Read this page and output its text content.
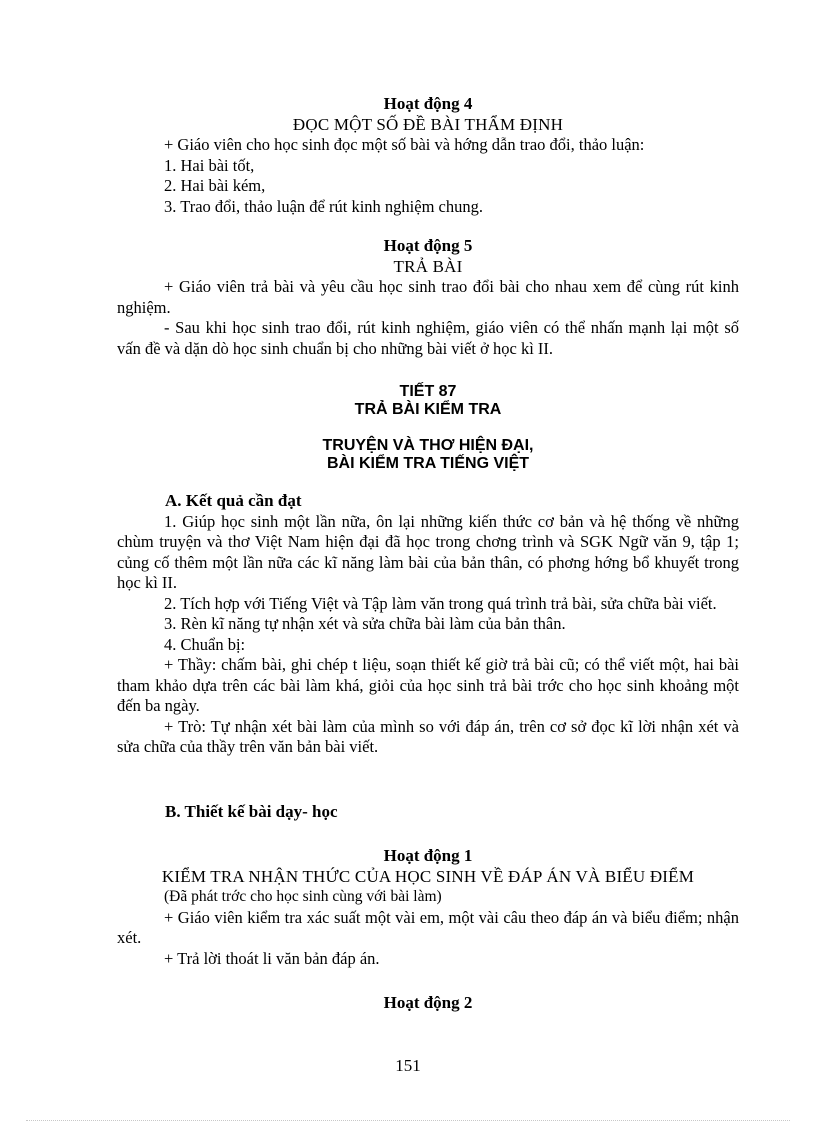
Hoạt động 4
ĐỌC MỘT SỐ ĐỀ BÀI THẨM ĐỊNH
+ Giáo viên cho học sinh đọc một số bài và hớng dẫn trao đổi, thảo luận:
1. Hai bài tốt,
2. Hai bài kém,
3. Trao đổi, thảo luận để rút kinh nghiệm chung.
Hoạt động 5
TRẢ BÀI
+ Giáo viên trả bài và yêu cầu học sinh trao đổi bài cho nhau xem để cùng rút kinh nghiệm.
- Sau khi học sinh trao đổi, rút kinh nghiệm, giáo viên có thể nhấn mạnh lại một số vấn đề và dặn dò học sinh chuẩn bị cho những bài viết ở học kì II.
TIẾT 87
TRẢ BÀI KIỂM TRA
TRUYỆN VÀ THƠ HIỆN ĐẠI,
BÀI KIỂM TRA TIẾNG VIỆT
A. Kết quả cần đạt
1. Giúp học sinh một lần nữa, ôn lại những kiến thức cơ bản và hệ thống về những chùm truyện và thơ Việt Nam hiện đại đã học trong chơng trình và SGK Ngữ văn 9, tập 1; củng cố thêm một lần nữa các kĩ năng làm bài của bản thân, có phơng hớng bổ khuyết trong học kì II.
2. Tích hợp với Tiếng Việt và Tập làm văn trong quá trình trả bài, sửa chữa bài viết.
3. Rèn kĩ năng tự nhận xét và sửa chữa bài làm của bản thân.
4. Chuẩn bị:
+ Thầy: chấm bài, ghi chép t liệu, soạn thiết kế giờ trả bài cũ; có thể viết một, hai bài tham khảo dựa trên các bài làm khá, giỏi của học sinh trả bài trớc cho học sinh khoảng một đến ba ngày.
+ Trò: Tự nhận xét bài làm của mình so với đáp án, trên cơ sở đọc kĩ lời nhận xét và sửa chữa của thầy trên văn bản bài viết.
B. Thiết kế bài dạy- học
Hoạt động 1
KIỂM TRA NHẬN THỨC CỦA HỌC SINH VỀ ĐÁP ÁN VÀ BIỂU ĐIỂM
(Đã phát trớc cho học sinh cùng với bài làm)
+ Giáo viên kiểm tra xác suất một vài em, một vài câu theo đáp án và biểu điểm; nhận xét.
+ Trả lời thoát li văn bản đáp án.
Hoạt động 2
151
